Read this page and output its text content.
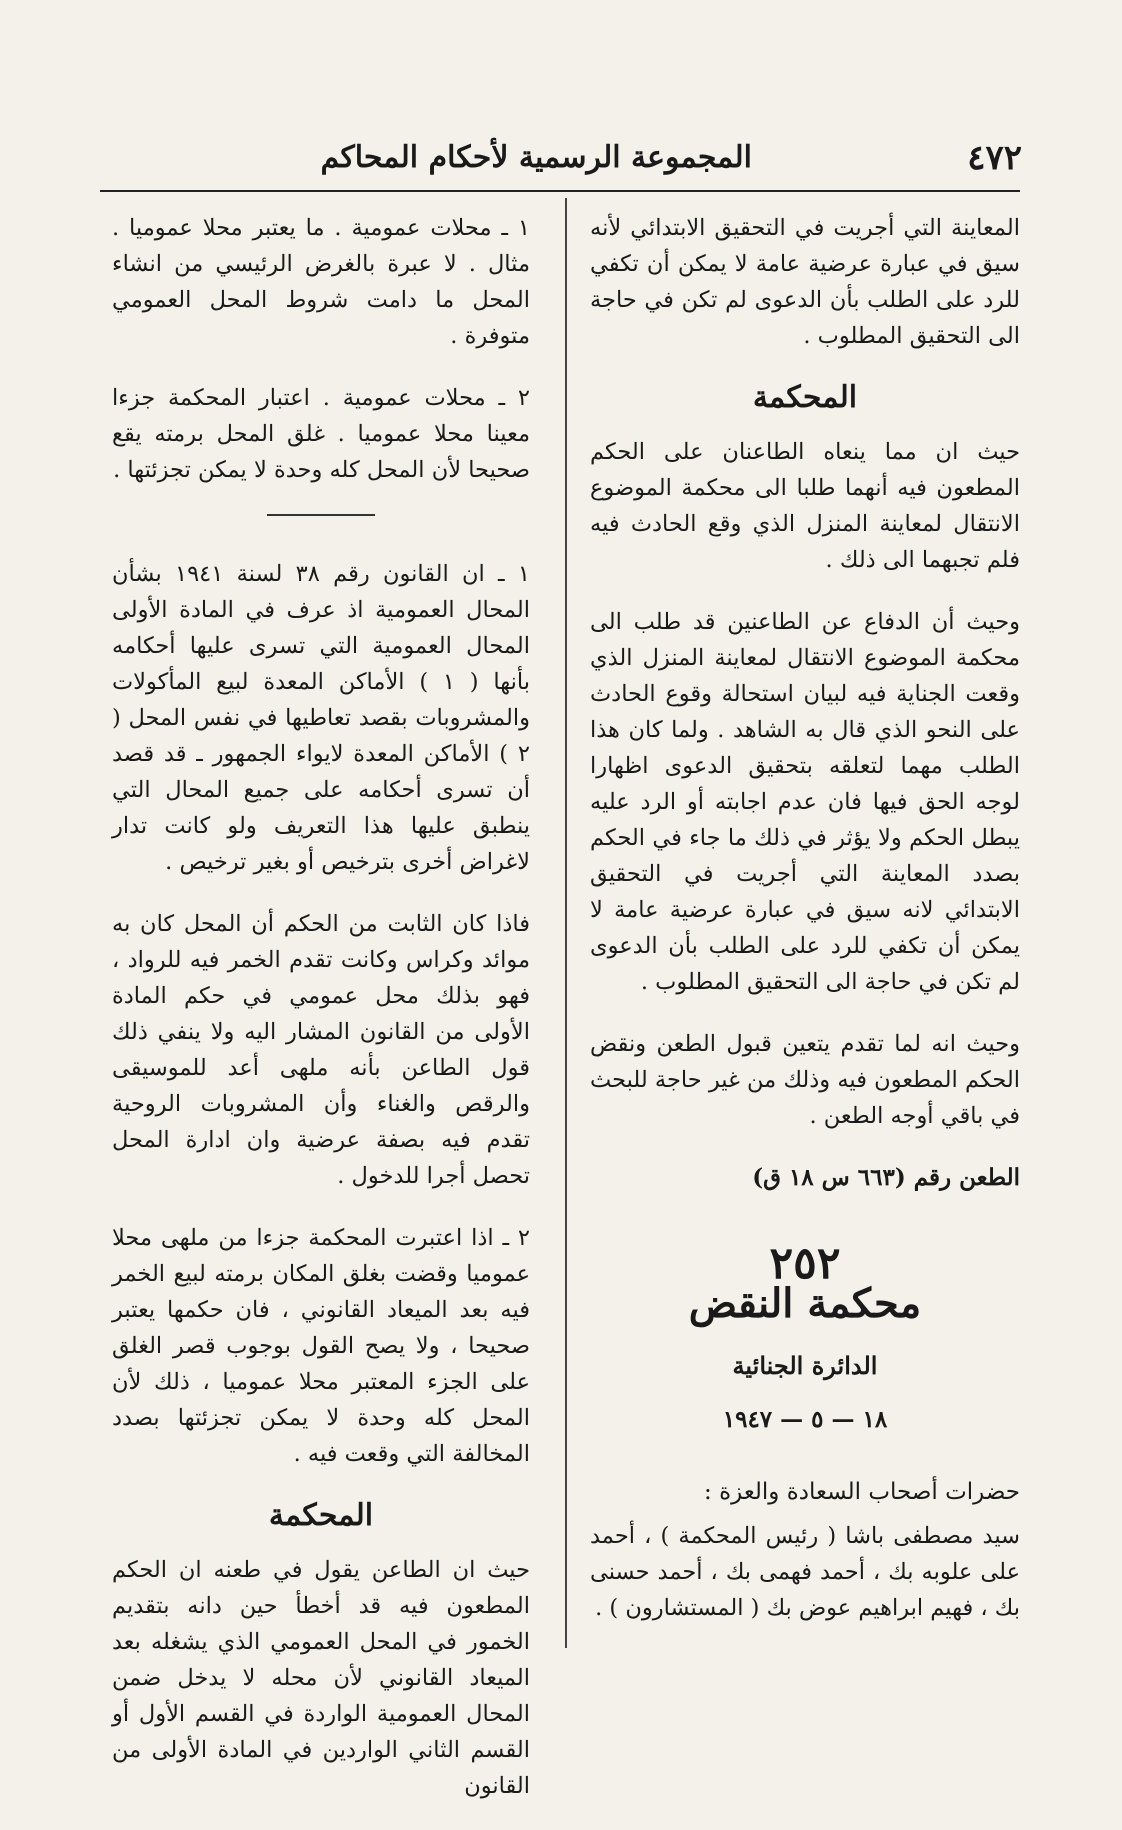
٤٧٢
المجموعة الرسمية لأحكام المحاكم

المعاينة التي أجريت في التحقيق الابتدائي لأنه سيق في عبارة عرضية عامة لا يمكن أن تكفي للرد على الطلب بأن الدعوى لم تكن في حاجة الى التحقيق المطلوب .

المحكمة

حيث ان مما ينعاه الطاعنان على الحكم المطعون فيه أنهما طلبا الى محكمة الموضوع الانتقال لمعاينة المنزل الذي وقع الحادث فيه فلم تجبهما الى ذلك .

وحيث أن الدفاع عن الطاعنين قد طلب الى محكمة الموضوع الانتقال لمعاينة المنزل الذي وقعت الجناية فيه لبيان استحالة وقوع الحادث على النحو الذي قال به الشاهد . ولما كان هذا الطلب مهما لتعلقه بتحقيق الدعوى اظهارا لوجه الحق فيها فان عدم اجابته أو الرد عليه يبطل الحكم ولا يؤثر في ذلك ما جاء في الحكم بصدد المعاينة التي أجريت في التحقيق الابتدائي لانه سيق في عبارة عرضية عامة لا يمكن أن تكفي للرد على الطلب بأن الدعوى لم تكن في حاجة الى التحقيق المطلوب .

وحيث انه لما تقدم يتعين قبول الطعن ونقض الحكم المطعون فيه وذلك من غير حاجة للبحث في باقي أوجه الطعن .

الطعن رقم (٦٦٣ س ١٨ ق)
٢٥٢
محكمة النقض
الدائرة الجنائية
١٨ — ٥ — ١٩٤٧

حضرات أصحاب السعادة والعزة :

سيد مصطفى باشا ( رئيس المحكمة ) ، أحمد على علوبه بك ، أحمد فهمى بك ، أحمد حسنى بك ، فهيم ابراهيم عوض بك ( المستشارون ) .

١ ـ محلات عمومية . ما يعتبر محلا عموميا . مثال . لا عبرة بالغرض الرئيسي من انشاء المحل ما دامت شروط المحل العمومي متوفرة .

٢ ـ محلات عمومية . اعتبار المحكمة جزءا معينا محلا عموميا . غلق المحل برمته يقع صحيحا لأن المحل كله وحدة لا يمكن تجزئتها .

١ ـ ان القانون رقم ٣٨ لسنة ١٩٤١ بشأن المحال العمومية اذ عرف في المادة الأولى المحال العمومية التي تسرى عليها أحكامه بأنها ( ١ ) الأماكن المعدة لبيع المأكولات والمشروبات بقصد تعاطيها في نفس المحل ( ٢ ) الأماكن المعدة لايواء الجمهور ـ قد قصد أن تسرى أحكامه على جميع المحال التي ينطبق عليها هذا التعريف ولو كانت تدار لاغراض أخرى بترخيص أو بغير ترخيص .

فاذا كان الثابت من الحكم أن المحل كان به موائد وكراس وكانت تقدم الخمر فيه للرواد ، فهو بذلك محل عمومي في حكم المادة الأولى من القانون المشار اليه ولا ينفي ذلك قول الطاعن بأنه ملهى أعد للموسيقى والرقص والغناء وأن المشروبات الروحية تقدم فيه بصفة عرضية وان ادارة المحل تحصل أجرا للدخول .

٢ ـ اذا اعتبرت المحكمة جزءا من ملهى محلا عموميا وقضت بغلق المكان برمته لبيع الخمر فيه بعد الميعاد القانوني ، فان حكمها يعتبر صحيحا ، ولا يصح القول بوجوب قصر الغلق على الجزء المعتبر محلا عموميا ، ذلك لأن المحل كله وحدة لا يمكن تجزئتها بصدد المخالفة التي وقعت فيه .

المحكمة

حيث ان الطاعن يقول في طعنه ان الحكم المطعون فيه قد أخطأ حين دانه بتقديم الخمور في المحل العمومي الذي يشغله بعد الميعاد القانوني لأن محله لا يدخل ضمن المحال العمومية الواردة في القسم الأول أو القسم الثاني الواردين في المادة الأولى من القانون
